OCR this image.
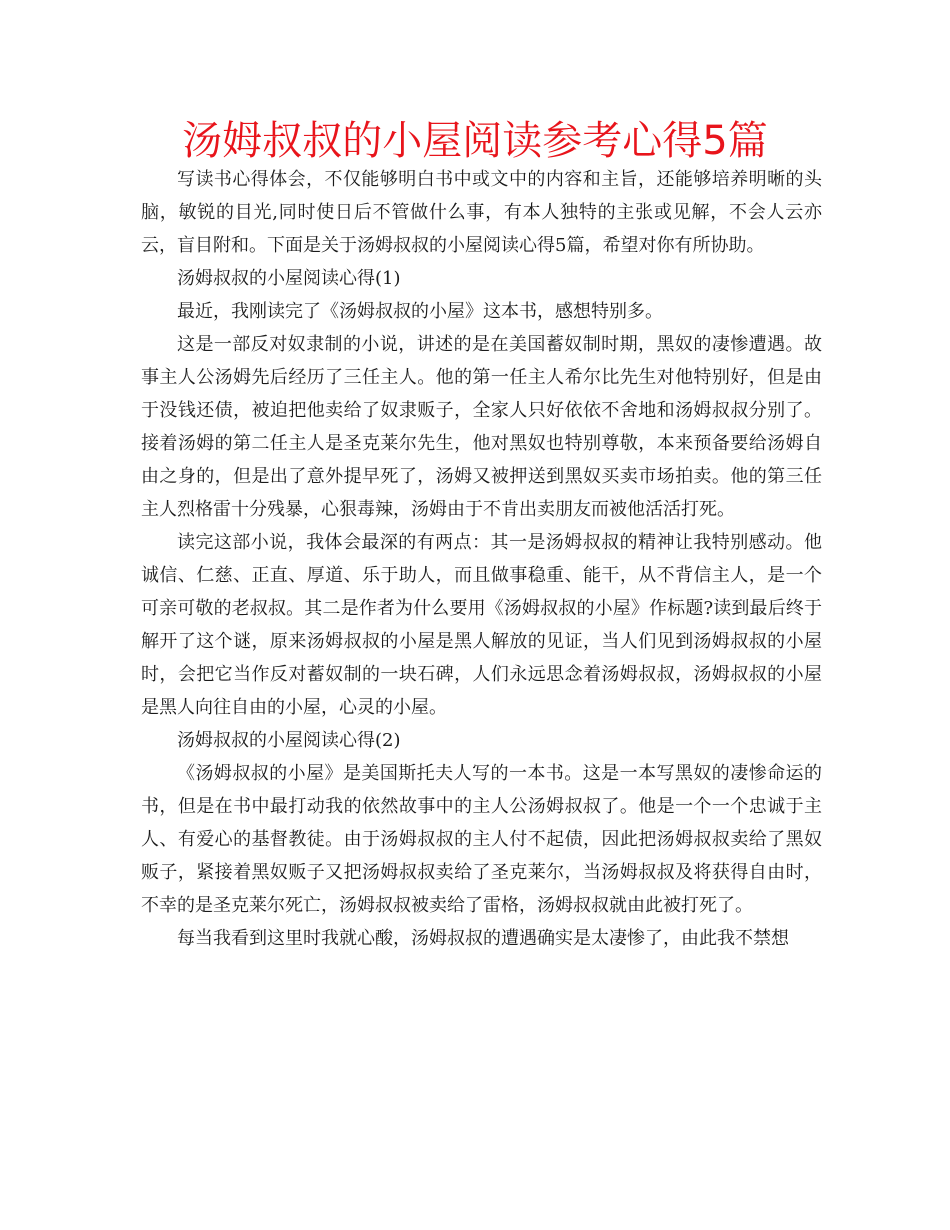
汤姆叔叔的小屋阅读参考心得5篇

写读书心得体会，不仅能够明白书中或文中的内容和主旨，还能够培养明晰的头脑，敏锐的目光,同时使日后不管做什么事，有本人独特的主张或见解，不会人云亦云，盲目附和。下面是关于汤姆叔叔的小屋阅读心得5篇，希望对你有所协助。

汤姆叔叔的小屋阅读心得(1)

最近，我刚读完了《汤姆叔叔的小屋》这本书，感想特别多。

这是一部反对奴隶制的小说，讲述的是在美国蓄奴制时期，黑奴的凄惨遭遇。故事主人公汤姆先后经历了三任主人。他的第一任主人希尔比先生对他特别好，但是由于没钱还债，被迫把他卖给了奴隶贩子，全家人只好依依不舍地和汤姆叔叔分别了。接着汤姆的第二任主人是圣克莱尔先生，他对黑奴也特别尊敬，本来预备要给汤姆自由之身的，但是出了意外提早死了，汤姆又被押送到黑奴买卖市场拍卖。他的第三任主人烈格雷十分残暴，心狠毒辣，汤姆由于不肯出卖朋友而被他活活打死。

读完这部小说，我体会最深的有两点：其一是汤姆叔叔的精神让我特别感动。他诚信、仁慈、正直、厚道、乐于助人，而且做事稳重、能干，从不背信主人，是一个可亲可敬的老叔叔。其二是作者为什么要用《汤姆叔叔的小屋》作标题?读到最后终于解开了这个谜，原来汤姆叔叔的小屋是黑人解放的见证，当人们见到汤姆叔叔的小屋时，会把它当作反对蓄奴制的一块石碑，人们永远思念着汤姆叔叔，汤姆叔叔的小屋是黑人向往自由的小屋，心灵的小屋。

汤姆叔叔的小屋阅读心得(2)

《汤姆叔叔的小屋》是美国斯托夫人写的一本书。这是一本写黑奴的凄惨命运的书，但是在书中最打动我的依然故事中的主人公汤姆叔叔了。他是一个一个忠诚于主人、有爱心的基督教徒。由于汤姆叔叔的主人付不起债，因此把汤姆叔叔卖给了黑奴贩子，紧接着黑奴贩子又把汤姆叔叔卖给了圣克莱尔，当汤姆叔叔及将获得自由时，不幸的是圣克莱尔死亡，汤姆叔叔被卖给了雷格，汤姆叔叔就由此被打死了。

每当我看到这里时我就心酸，汤姆叔叔的遭遇确实是太凄惨了，由此我不禁想
